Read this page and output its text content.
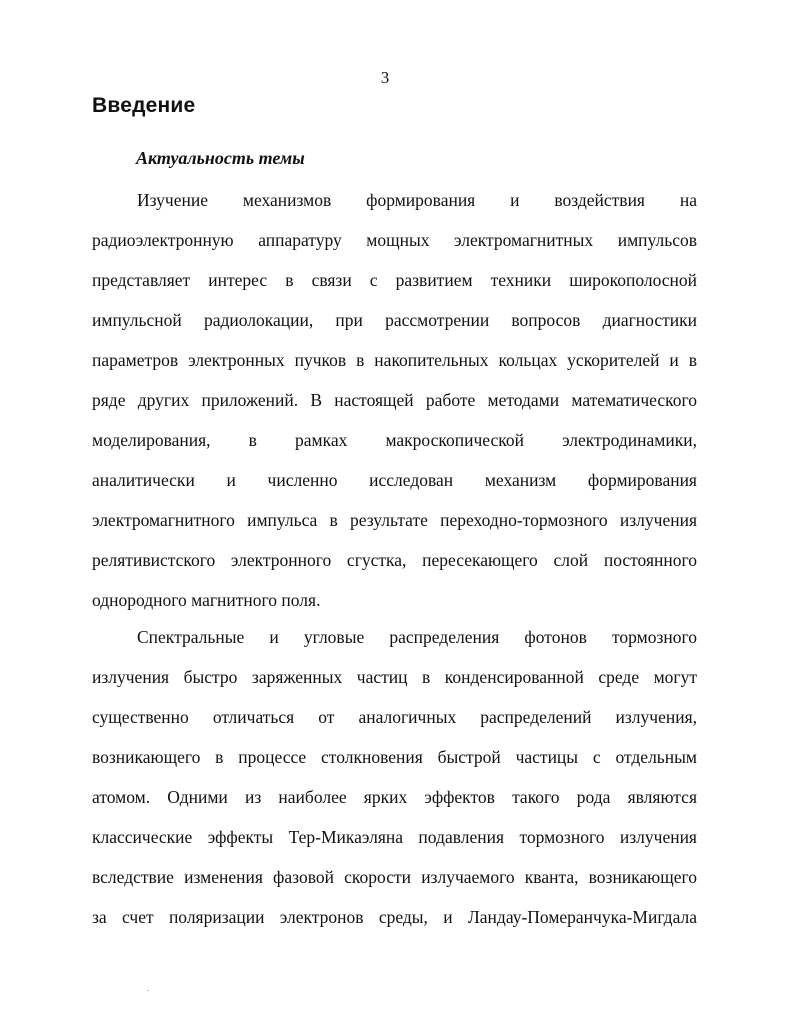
3
Введение
Актуальность темы
Изучение механизмов формирования и воздействия на
радиоэлектронную аппаратуру мощных электромагнитных импульсов
представляет интерес в связи с развитием техники широкополосной
импульсной радиолокации, при рассмотрении вопросов диагностики
параметров электронных пучков в накопительных кольцах ускорителей и в
ряде других приложений. В настоящей работе методами математического
моделирования, в рамках макроскопической электродинамики,
аналитически и численно исследован механизм формирования
электромагнитного импульса в результате переходно-тормозного излучения
релятивистского электронного сгустка, пересекающего слой постоянного
однородного магнитного поля.
Спектральные и угловые распределения фотонов тормозного
излучения быстро заряженных частиц в конденсированной среде могут
существенно отличаться от аналогичных распределений излучения,
возникающего в процессе столкновения быстрой частицы с отдельным
атомом. Одними из наиболее ярких эффектов такого рода являются
классические эффекты Тер-Микаэляна подавления тормозного излучения
вследствие изменения фазовой скорости излучаемого кванта, возникающего
за счет поляризации электронов среды, и Ландау-Померанчука-Мигдала
